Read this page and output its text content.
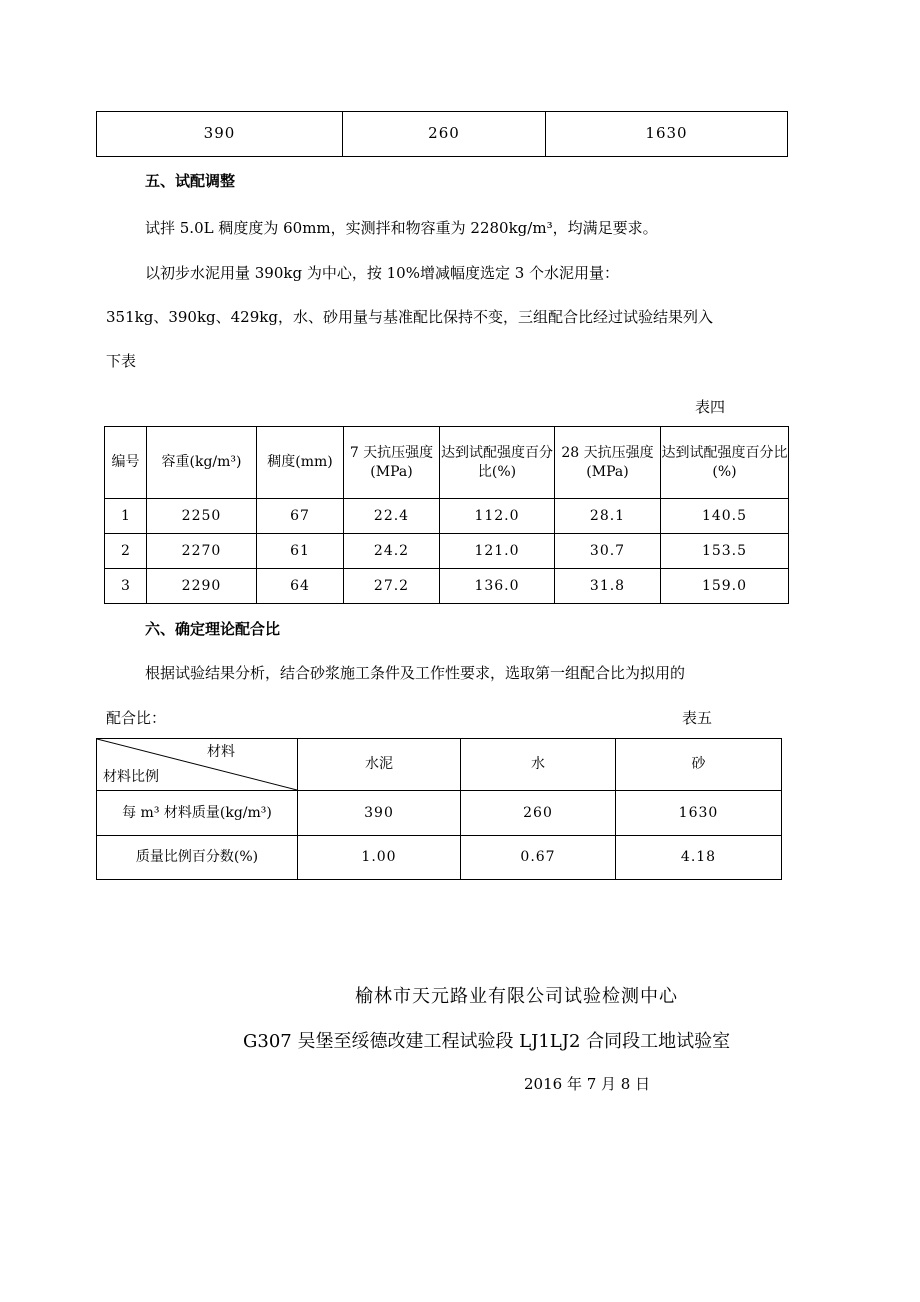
390	260	1630
五、试配调整
试拌 5.0L 稠度度为 60mm，实测拌和物容重为 2280kg/m³，均满足要求。
以初步水泥用量 390kg 为中心，按 10%增减幅度选定 3 个水泥用量：
351kg、390kg、429kg，水、砂用量与基准配比保持不变，三组配合比经过试验结果列入
下表
表四
编号	容重(kg/m³)	稠度(mm)	7 天抗压强度(MPa)	达到试配强度百分比(%)	28 天抗压强度(MPa)	达到试配强度百分比(%)
1	2250	67	22.4	112.0	28.1	140.5
2	2270	61	24.2	121.0	30.7	153.5
3	2290	64	27.2	136.0	31.8	159.0
六、确定理论配合比
根据试验结果分析，结合砂浆施工条件及工作性要求，选取第一组配合比为拟用的
配合比：	表五
材料
材料比例	水泥	水	砂
每 m³ 材料质量(kg/m³)	390	260	1630
质量比例百分数(%)	1.00	0.67	4.18
榆林市天元路业有限公司试验检测中心
G307 吴堡至绥德改建工程试验段 LJ1LJ2 合同段工地试验室
2016 年 7 月 8 日
